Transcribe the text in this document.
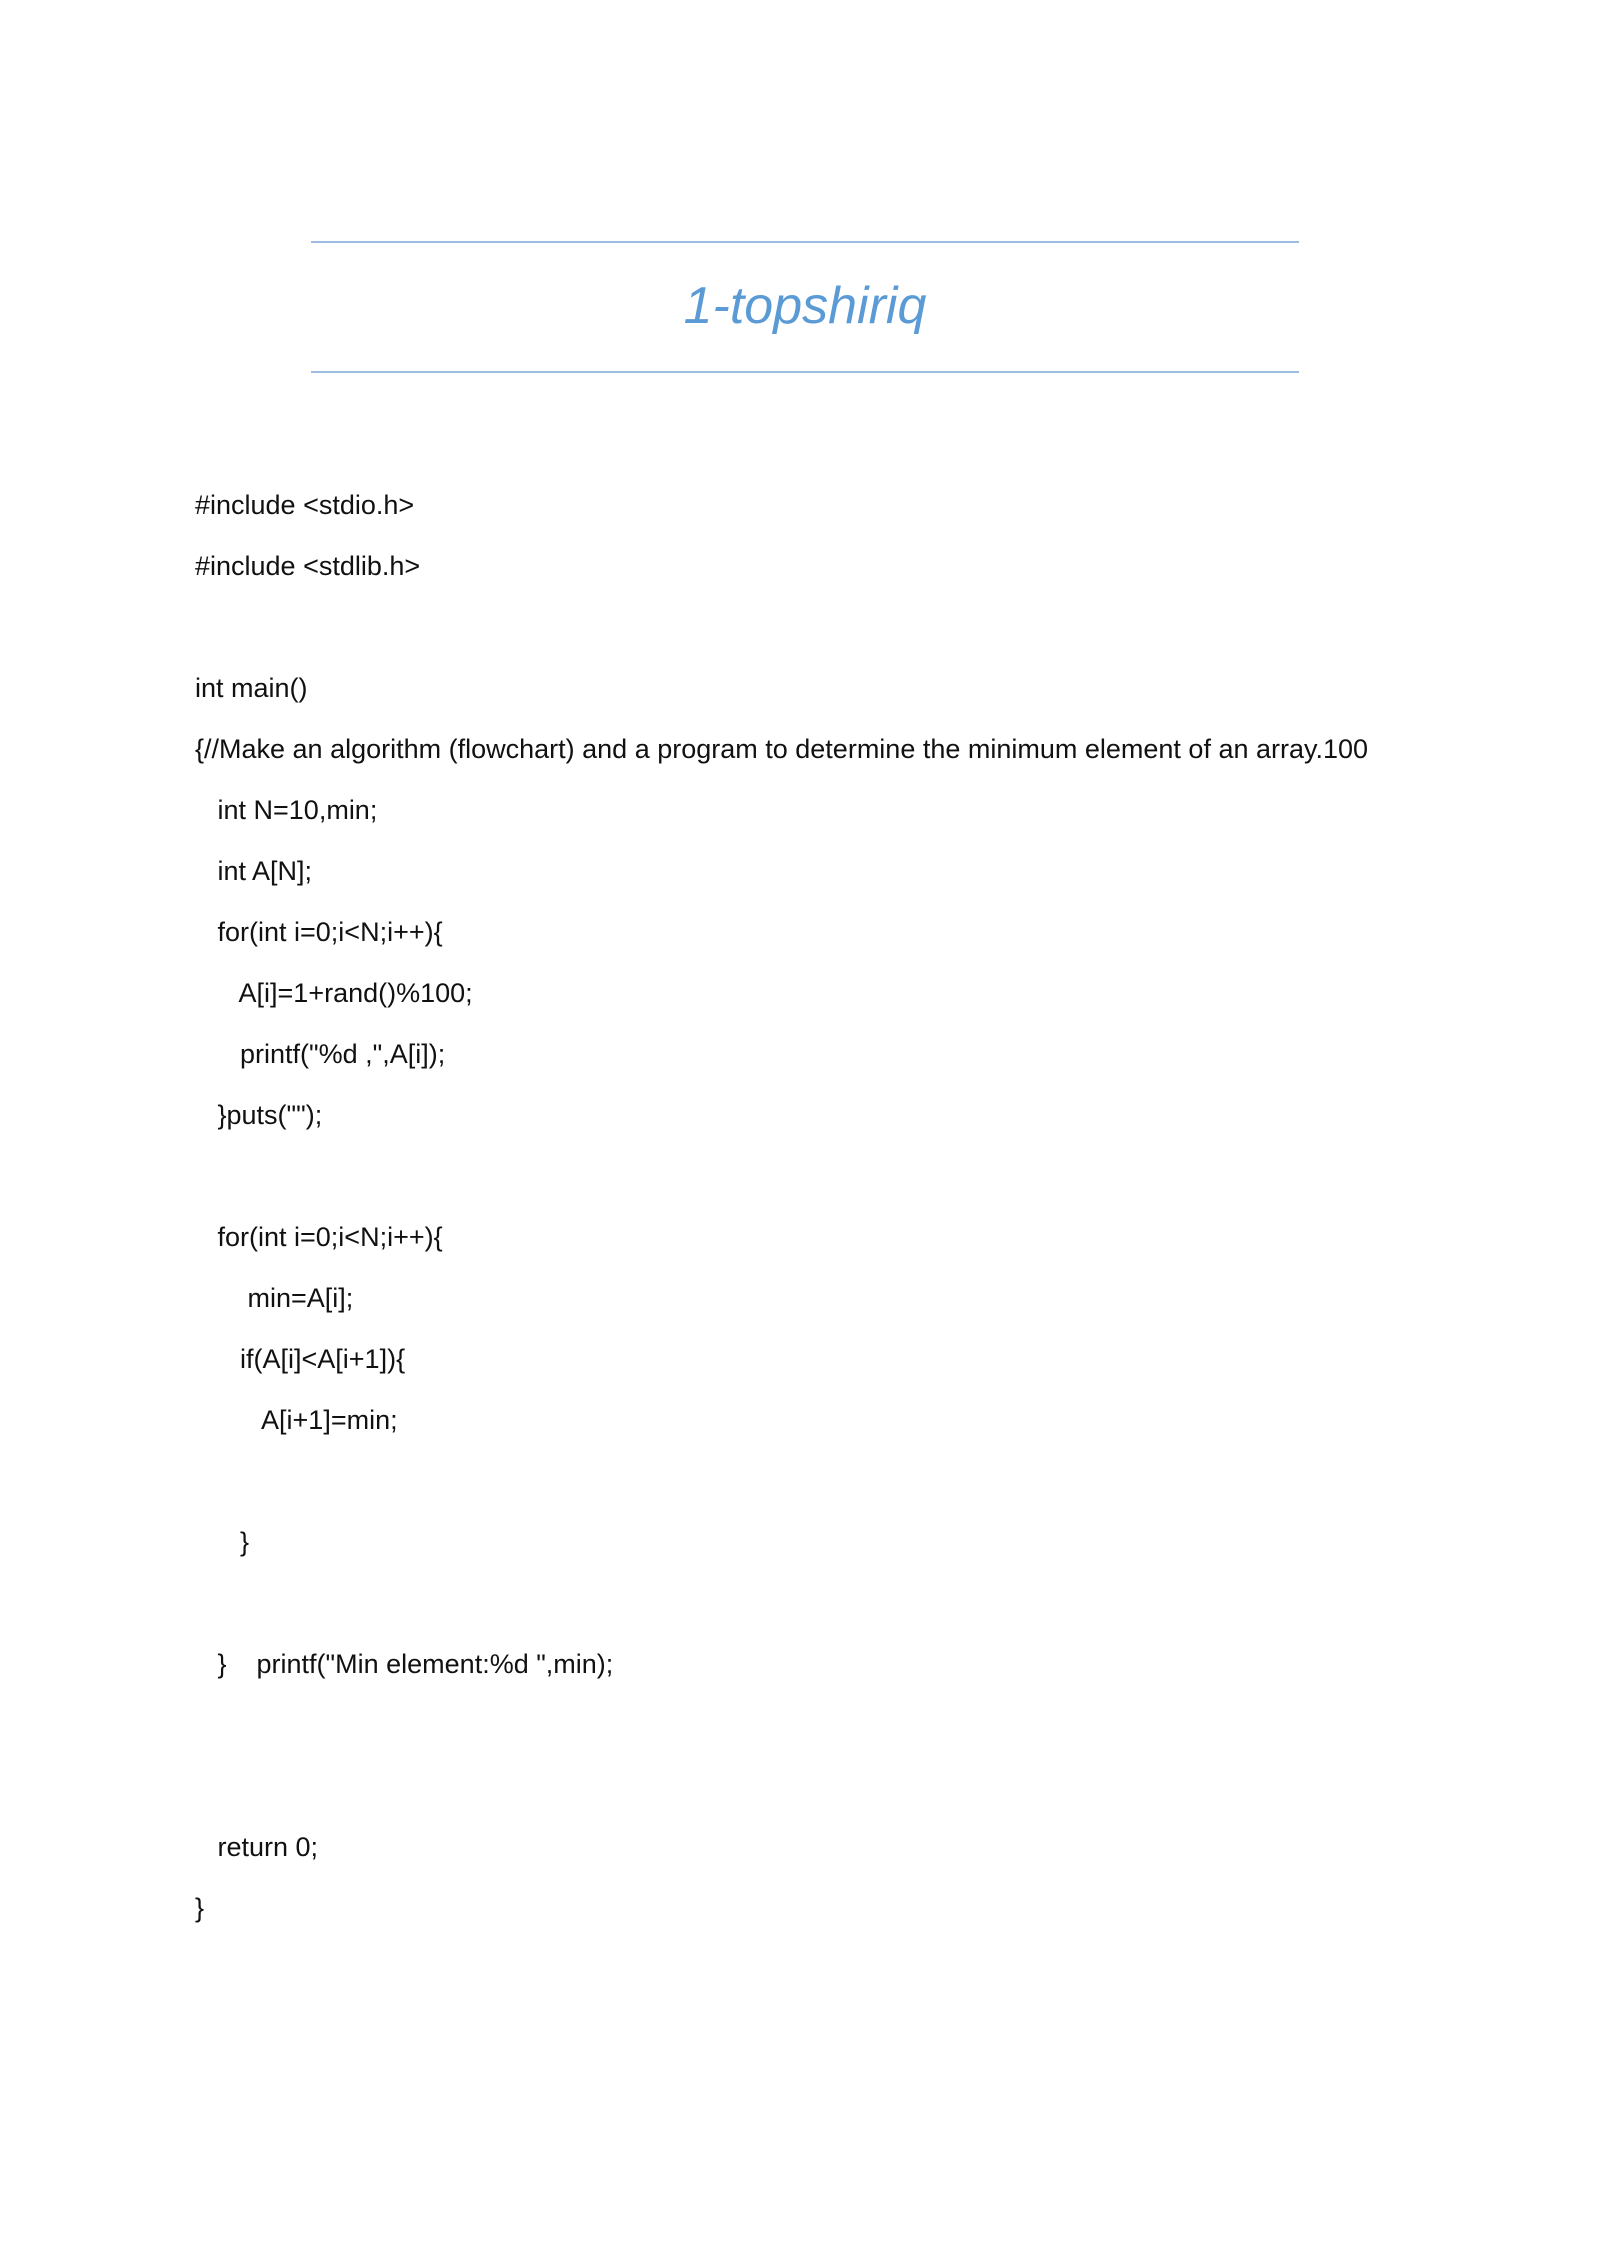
1-topshiriq
#include <stdio.h>
#include <stdlib.h>
int main()
{//Make an algorithm (flowchart) and a program to determine the minimum element of an array.100
int N=10,min;
int A[N];
for(int i=0;i<N;i++){
A[i]=1+rand()%100;
printf("%d ,",A[i]);
}puts("");
for(int i=0;i<N;i++){
min=A[i];
if(A[i]<A[i+1]){
A[i+1]=min;
}
}    printf("Min element:%d ",min);
return 0;
}
